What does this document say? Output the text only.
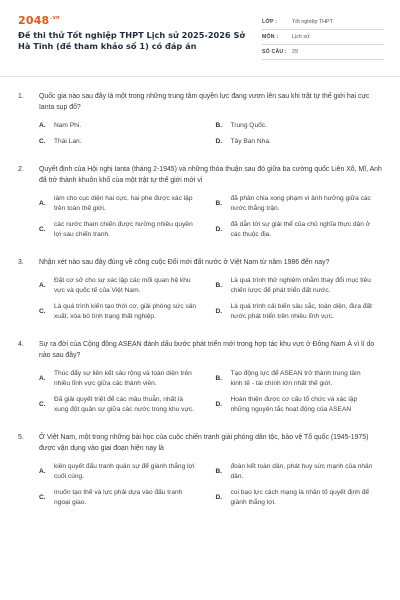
$2048^{.vn}$
Đề thi thử Tốt nghiệp THPT Lịch sử 2025-2026 Sở Hà Tĩnh (đề tham khảo số 1) có đáp án
LỚP :	Tốt nghiệp THPT
MÔN :	Lịch sử
SỐ CÂU : 29
1.	Quốc gia nào sau đây là một trong những trung tâm quyền lực đang vươn lên sau khi trật tự thế giới hai cực Ianta sụp đổ?
A.	Nam Phi.	B.	Trung Quốc.
C.	Thái Lan.	D.	Tây Ban Nha.
2.	Quyết định của Hội nghị Ianta (tháng 2-1945) và những thỏa thuận sau đó giữa ba cường quốc Liên Xô, Mĩ, Anh đã trở thành khuôn khổ của một trật tự thế giới mới vì
A.
làm cho cục diện hai cực, hai phe được xác lập trên toàn thế giới.
B.
đã phân chia xong phạm vi ảnh hưởng giữa các nước thắng trận.
C.
các nước tham chiến được hưởng nhiều quyền lợi sau chiến tranh.
D.
đã dẫn tới sự giải thể của chủ nghĩa thực dân ở các thuộc địa.
3.	Nhận xét nào sau đây đúng về công cuộc Đổi mới đất nước ở Việt Nam từ năm 1986 đến nay?
A.
Đặt cơ sở cho sự xác lập các mối quan hệ khu vực và quốc tế của Việt Nam.
B.
Là quá trình thử nghiệm nhằm thay đổi mục tiêu chiến lược để phát triển đất nước.
C.
Là quá trình kiến tạo thời cơ, giải phóng sức sản xuất, xóa bỏ tình trạng thất nghiệp.
D.
Là quá trình cải biến sâu sắc, toàn diện, đưa đất nước phát triển trên nhiều lĩnh vực.
4.	Sự ra đời của Cộng đồng ASEAN đánh dấu bước phát triển mới trong hợp tác khu vực ở Đông Nam Á vì lí do nào sau đây?
A.
Thúc đẩy sự liên kết sâu rộng và toàn diện trên nhiều lĩnh vực giữa các thành viên.
B.
Tạo động lực để ASEAN trở thành trung tâm kinh tế - tài chính lớn nhất thế giới.
C.
Đã giải quyết triệt để các mâu thuẫn, nhất là xung đột quân sự giữa các nước trong khu vực.
D.
Hoàn thiện được cơ cấu tổ chức và xác lập những nguyên tắc hoạt động của ASEAN
5.	Ở Việt Nam, một trong những bài học của cuộc chiến tranh giải phóng dân tộc, bảo vệ Tổ quốc (1945-1975) được vận dụng vào giai đoạn hiện nay là
A.
kiên quyết đấu tranh quân sự để giành thắng lợi cuối cùng.
B.
đoàn kết toàn dân, phát huy sức mạnh của nhân dân.
C.
muốn tạo thế và lực phải dựa vào đấu tranh ngoại giao.
D.
coi bạo lực cách mạng là nhân tố quyết định để giành thắng lợi.
